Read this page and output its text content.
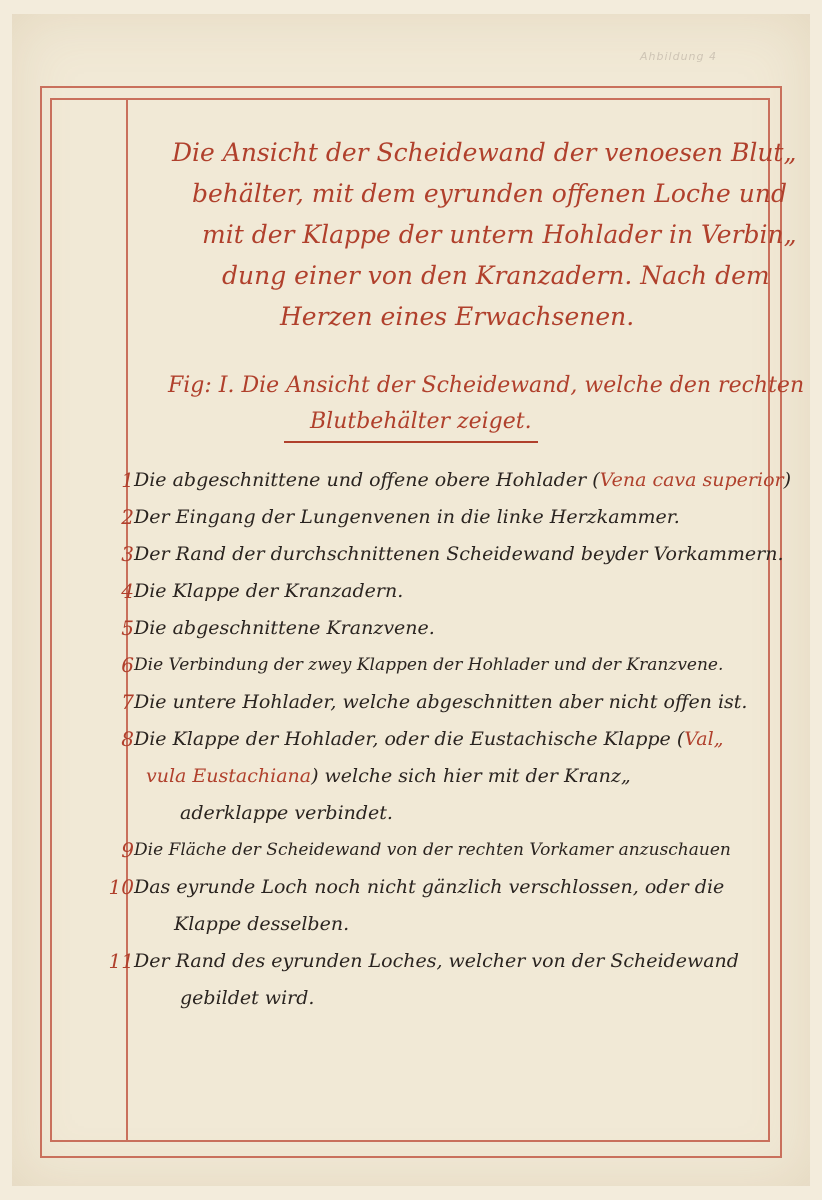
Ahbildung 4
Die Ansicht der Scheidewand der venoesen Blut„
behälter, mit dem eyrunden offenen Loche und
mit der Klappe der untern Hohlader in Verbin„
dung einer von den Kranzadern. Nach dem
Herzen eines Erwachsenen.
Fig: I. Die Ansicht der Scheidewand, welche den rechten
Blutbehälter zeiget.
1 Die abgeschnittene und offene obere Hohlader (Vena cava superior)
2 Der Eingang der Lungenvenen in die linke Herzkammer.
3 Der Rand der durchschnittenen Scheidewand beyder Vorkammern.
4 Die Klappe der Kranzadern.
5 Die abgeschnittene Kranzvene.
6 Die Verbindung der zwey Klappen der Hohlader und der Kranzvene.
7 Die untere Hohlader, welche abgeschnitten aber nicht offen ist.
8 Die Klappe der Hohlader, oder die Eustachische Klappe (Val„
vula Eustachiana) welche sich hier mit der Kranz„
aderklappe verbindet.
9 Die Fläche der Scheidewand von der rechten Vorkamer anzuschauen
10 Das eyrunde Loch noch nicht gänzlich verschlossen, oder die
Klappe desselben.
11 Der Rand des eyrunden Loches, welcher von der Scheidewand
gebildet wird.
